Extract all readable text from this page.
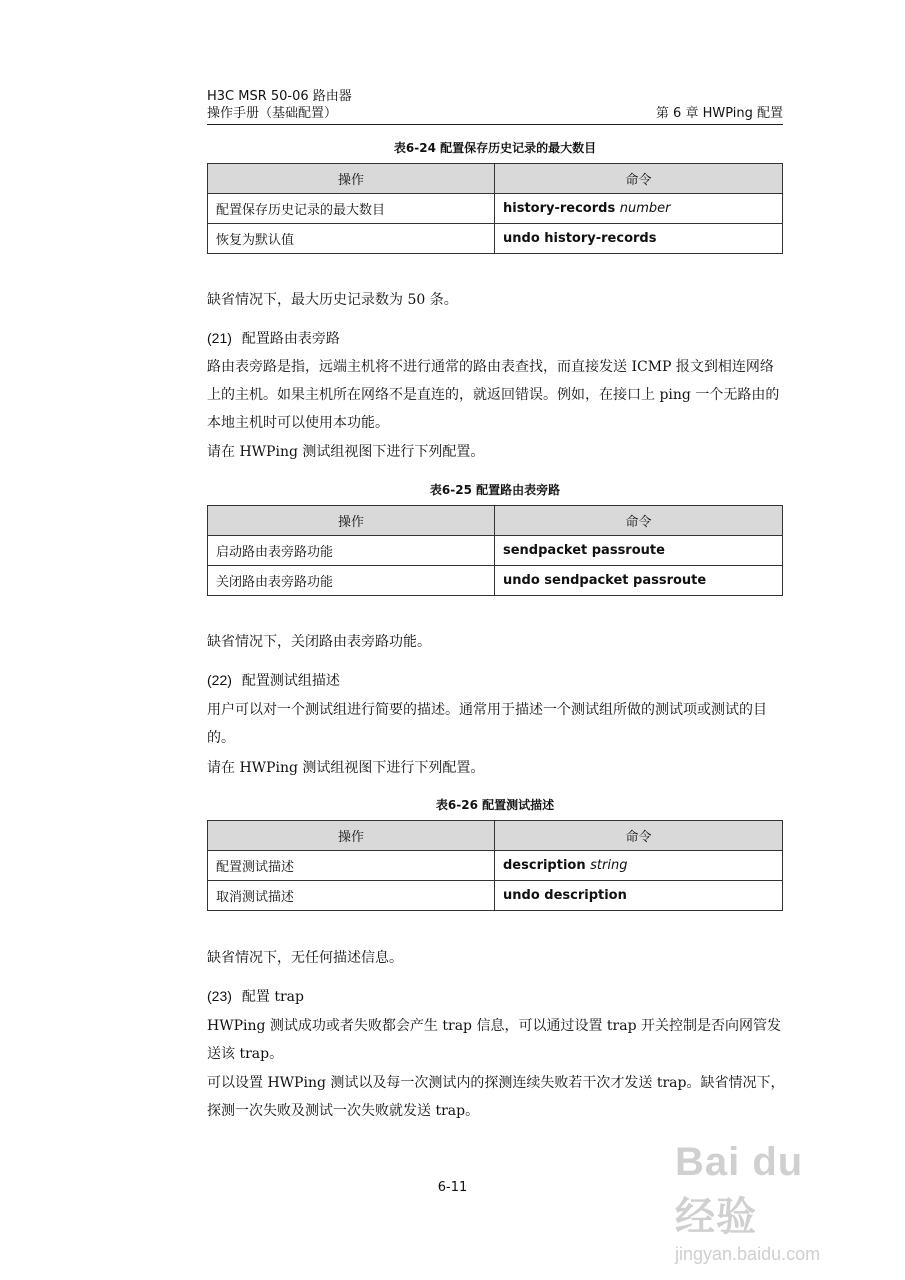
H3C MSR 50-06 路由器
操作手册（基础配置）	第 6 章 HWPing 配置
表6-24 配置保存历史记录的最大数目
操作	命令
配置保存历史记录的最大数目	history-records number
恢复为默认值	undo history-records
缺省情况下，最大历史记录数为 50 条。
(21) 配置路由表旁路
路由表旁路是指，远端主机将不进行通常的路由表查找，而直接发送 ICMP 报文到相连网络上的主机。如果主机所在网络不是直连的，就返回错误。例如，在接口上 ping 一个无路由的本地主机时可以使用本功能。
请在 HWPing 测试组视图下进行下列配置。
表6-25 配置路由表旁路
操作	命令
启动路由表旁路功能	sendpacket passroute
关闭路由表旁路功能	undo sendpacket passroute
缺省情况下，关闭路由表旁路功能。
(22) 配置测试组描述
用户可以对一个测试组进行简要的描述。通常用于描述一个测试组所做的测试项或测试的目的。
请在 HWPing 测试组视图下进行下列配置。
表6-26 配置测试描述
操作	命令
配置测试描述	description string
取消测试描述	undo description
缺省情况下，无任何描述信息。
(23) 配置 trap
HWPing 测试成功或者失败都会产生 trap 信息，可以通过设置 trap 开关控制是否向网管发送该 trap。
可以设置 HWPing 测试以及每一次测试内的探测连续失败若干次才发送 trap。缺省情况下，探测一次失败及测试一次失败就发送 trap。
6-11
Bai du 经验
jingyan.baidu.com
